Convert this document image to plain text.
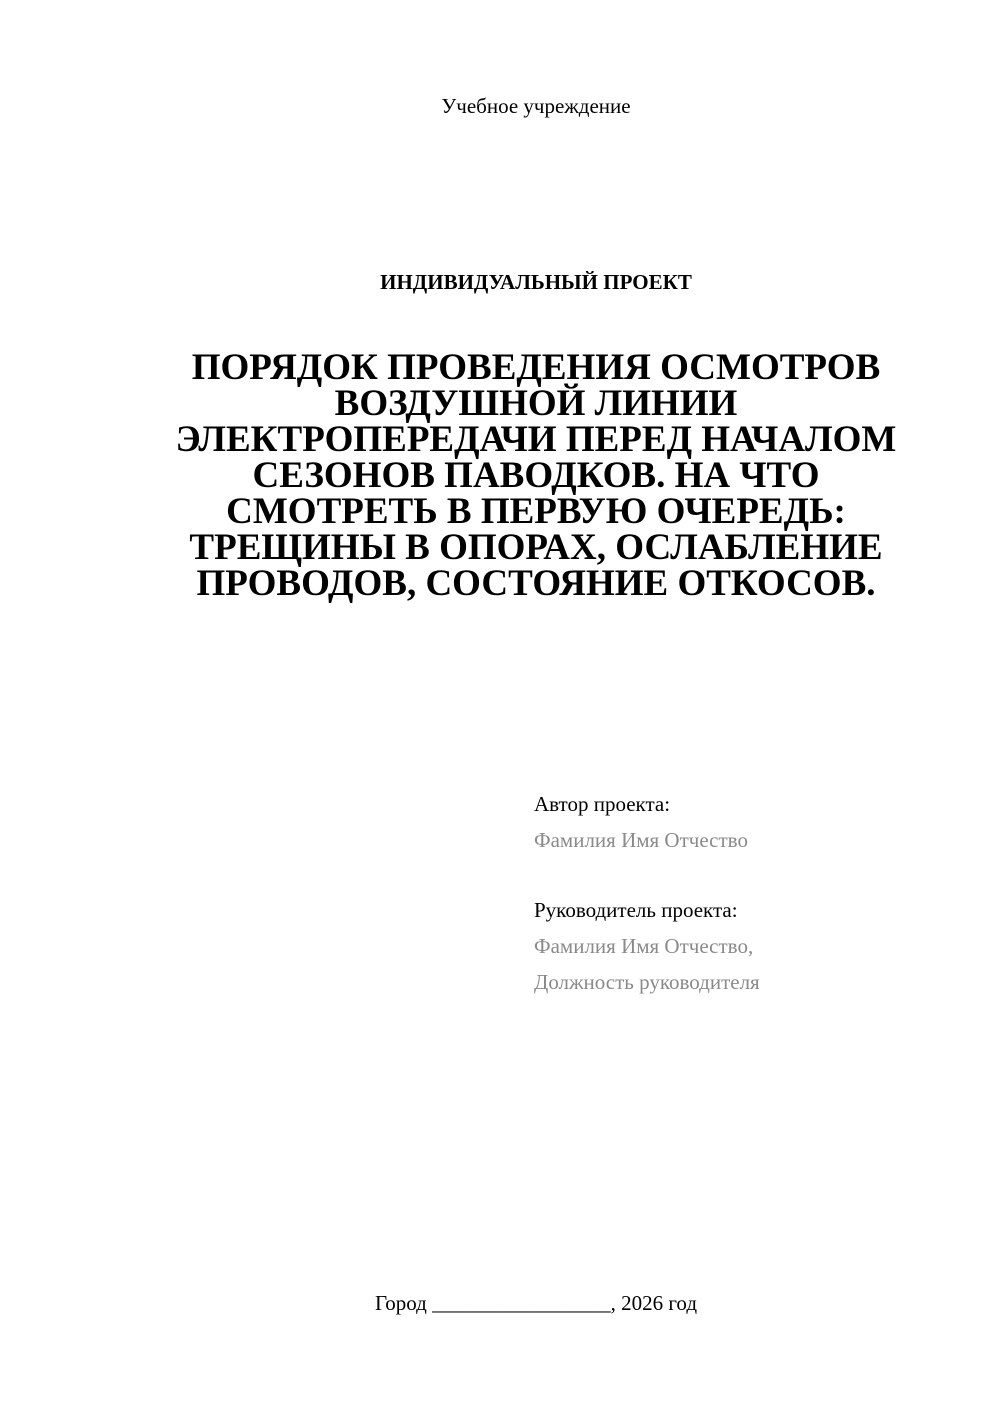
Учебное учреждение
ИНДИВИДУАЛЬНЫЙ ПРОЕКТ
ПОРЯДОК ПРОВЕДЕНИЯ ОСМОТРОВ
ВОЗДУШНОЙ ЛИНИИ
ЭЛЕКТРОПЕРЕДАЧИ ПЕРЕД НАЧАЛОМ
СЕЗОНОВ ПАВОДКОВ. НА ЧТО
СМОТРЕТЬ В ПЕРВУЮ ОЧЕРЕДЬ:
ТРЕЩИНЫ В ОПОРАХ, ОСЛАБЛЕНИЕ
ПРОВОДОВ, СОСТОЯНИЕ ОТКОСОВ.
Автор проекта:
Фамилия Имя Отчество
Руководитель проекта:
Фамилия Имя Отчество,
Должность руководителя
Город _________________, 2026 год
